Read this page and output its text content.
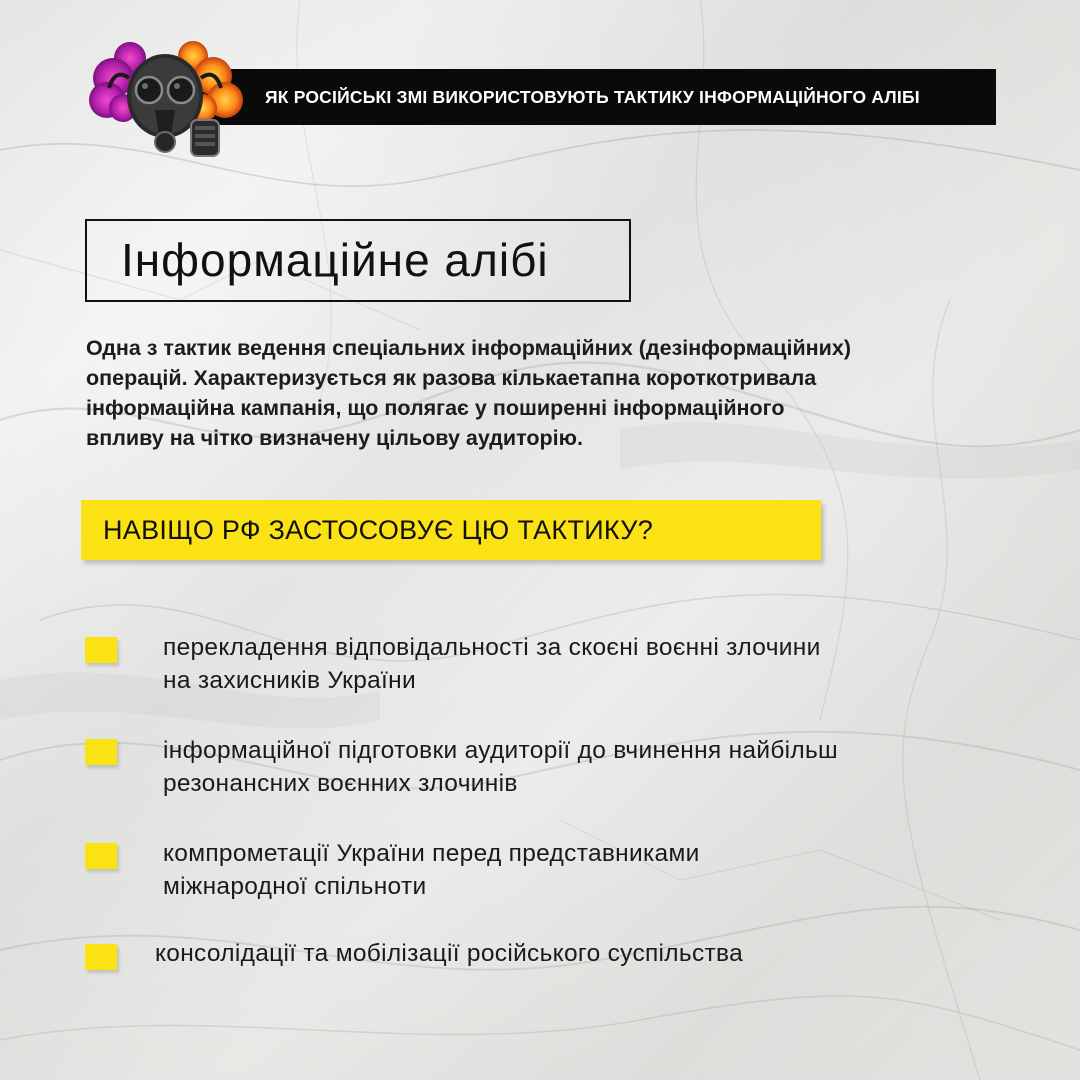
ЯК РОСІЙСЬКІ ЗМІ ВИКОРИСТОВУЮТЬ ТАКТИКУ ІНФОРМАЦІЙНОГО АЛІБІ
Інформаційне алібі
Одна з тактик ведення спеціальних інформаційних (дезінформаційних)
операцій. Характеризується як разова кількаетапна короткотривала
інформаційна кампанія, що полягає у поширенні інформаційного
впливу на чітко визначену цільову аудиторію.
НАВІЩО РФ ЗАСТОСОВУЄ ЦЮ ТАКТИКУ?
перекладення відповідальності за скоєні воєнні злочини
на захисників України
інформаційної підготовки аудиторії до вчинення найбільш
резонансних воєнних злочинів
компрометації України перед представниками
міжнародної спільноти
консолідації та мобілізації російського суспільства
